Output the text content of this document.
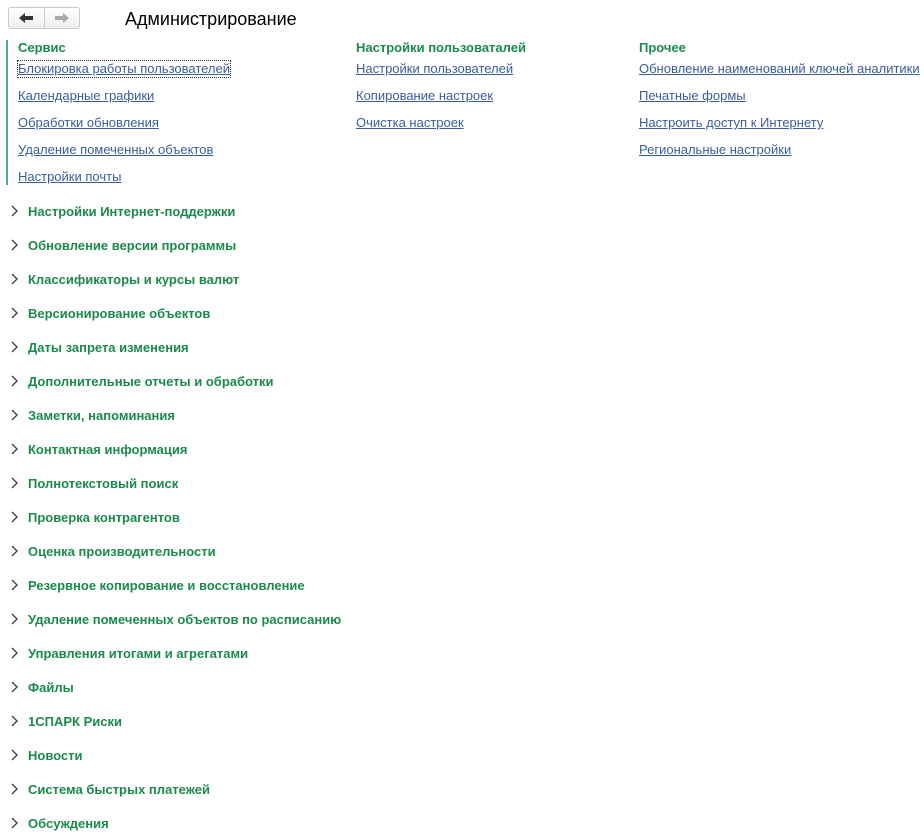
Администрирование
Сервис
Блокировка работы пользователей
Календарные графики
Обработки обновления
Удаление помеченных объектов
Настройки почты
Настройки пользоваталей
Настройки пользователей
Копирование настроек
Очистка настроек
Прочее
Обновление наименований ключей аналитики
Печатные формы
Настроить доступ к Интернету
Региональные настройки
Настройки Интернет-поддержки
Обновление версии программы
Классификаторы и курсы валют
Версионирование объектов
Даты запрета изменения
Дополнительные отчеты и обработки
Заметки, напоминания
Контактная информация
Полнотекстовый поиск
Проверка контрагентов
Оценка производительности
Резервное копирование и восстановление
Удаление помеченных объектов по расписанию
Управления итогами и агрегатами
Файлы
1СПАРК Риски
Новости
Система быстрых платежей
Обсуждения
